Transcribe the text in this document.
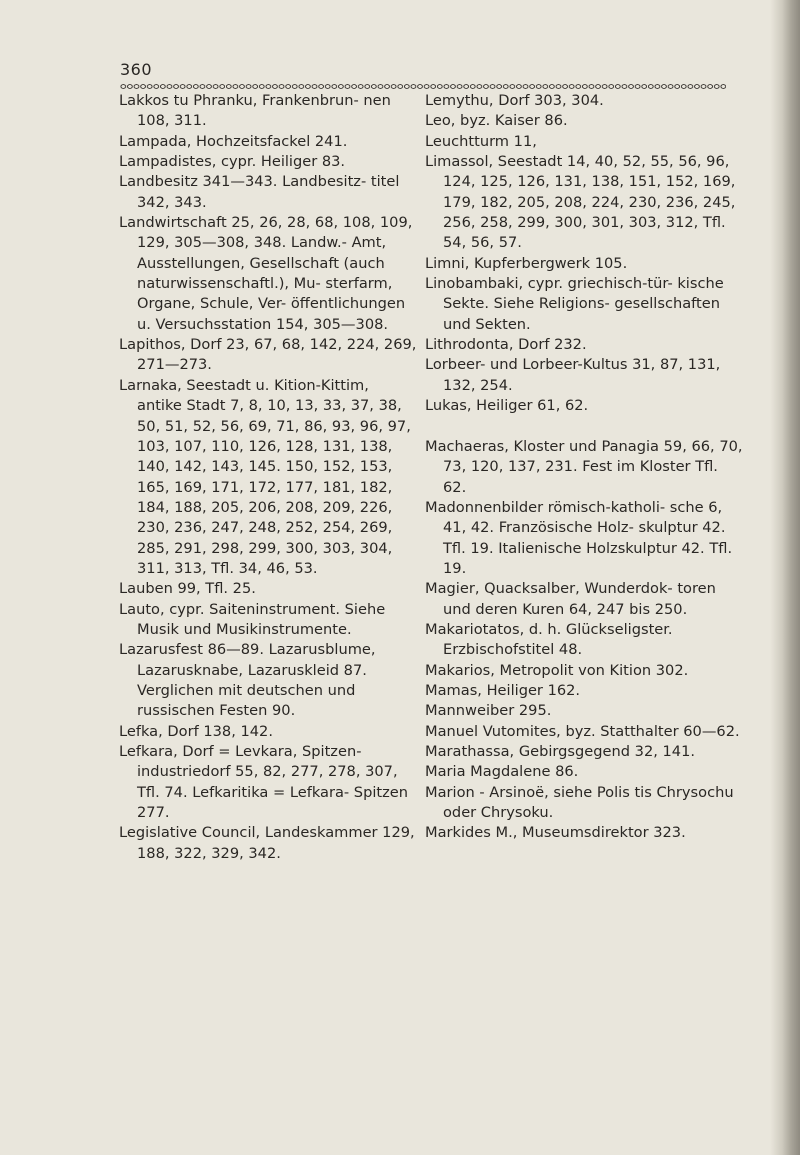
360
Lakkos tu Phranku, Frankenbrun- nen 108, 311.
Lampada, Hochzeitsfackel 241.
Lampadistes, cypr. Heiliger 83.
Landbesitz 341—343. Landbesitz- titel 342, 343.
Landwirtschaft 25, 26, 28, 68, 108, 109, 129, 305—308, 348. Landw.- Amt, Ausstellungen, Gesellschaft (auch naturwissenschaftl.), Mu- sterfarm, Organe, Schule, Ver- öffentlichungen u. Versuchsstation 154, 305—308.
Lapithos, Dorf 23, 67, 68, 142, 224, 269, 271—273.
Larnaka, Seestadt u. Kition-Kittim, antike Stadt 7, 8, 10, 13, 33, 37, 38, 50, 51, 52, 56, 69, 71, 86, 93, 96, 97, 103, 107, 110, 126, 128, 131, 138, 140, 142, 143, 145. 150, 152, 153, 165, 169, 171, 172, 177, 181, 182, 184, 188, 205, 206, 208, 209, 226, 230, 236, 247, 248, 252, 254, 269, 285, 291, 298, 299, 300, 303, 304, 311, 313, Tfl. 34, 46, 53.
Lauben 99, Tfl. 25.
Lauto, cypr. Saiteninstrument. Siehe Musik und Musikinstrumente.
Lazarusfest 86—89. Lazarusblume, Lazarusknabe, Lazaruskleid 87. Verglichen mit deutschen und russischen Festen 90.
Lefka, Dorf 138, 142.
Lefkara, Dorf = Levkara, Spitzen- industriedorf 55, 82, 277, 278, 307, Tfl. 74. Lefkaritika = Lefkara- Spitzen 277.
Legislative Council, Landeskammer 129, 188, 322, 329, 342.
Lemythu, Dorf 303, 304.
Leo, byz. Kaiser 86.
Leuchtturm 11,
Limassol, Seestadt 14, 40, 52, 55, 56, 96, 124, 125, 126, 131, 138, 151, 152, 169, 179, 182, 205, 208, 224, 230, 236, 245, 256, 258, 299, 300, 301, 303, 312, Tfl. 54, 56, 57.
Limni, Kupferbergwerk 105.
Linobambaki, cypr. griechisch-tür- kische Sekte. Siehe Religions- gesellschaften und Sekten.
Lithrodonta, Dorf 232.
Lorbeer- und Lorbeer-Kultus 31, 87, 131, 132, 254.
Lukas, Heiliger 61, 62.
Machaeras, Kloster und Panagia 59, 66, 70, 73, 120, 137, 231. Fest im Kloster Tfl. 62.
Madonnenbilder römisch-katholi- sche 6, 41, 42. Französische Holz- skulptur 42. Tfl. 19. Italienische Holzskulptur 42. Tfl. 19.
Magier, Quacksalber, Wunderdok- toren und deren Kuren 64, 247 bis 250.
Makariotatos, d. h. Glückseligster. Erzbischofstitel 48.
Makarios, Metropolit von Kition 302.
Mamas, Heiliger 162.
Mannweiber 295.
Manuel Vutomites, byz. Statthalter 60—62.
Marathassa, Gebirgsgegend 32, 141.
Maria Magdalene 86.
Marion - Arsinoë, siehe Polis tis Chrysochu oder Chrysoku.
Markides M., Museumsdirektor 323.
